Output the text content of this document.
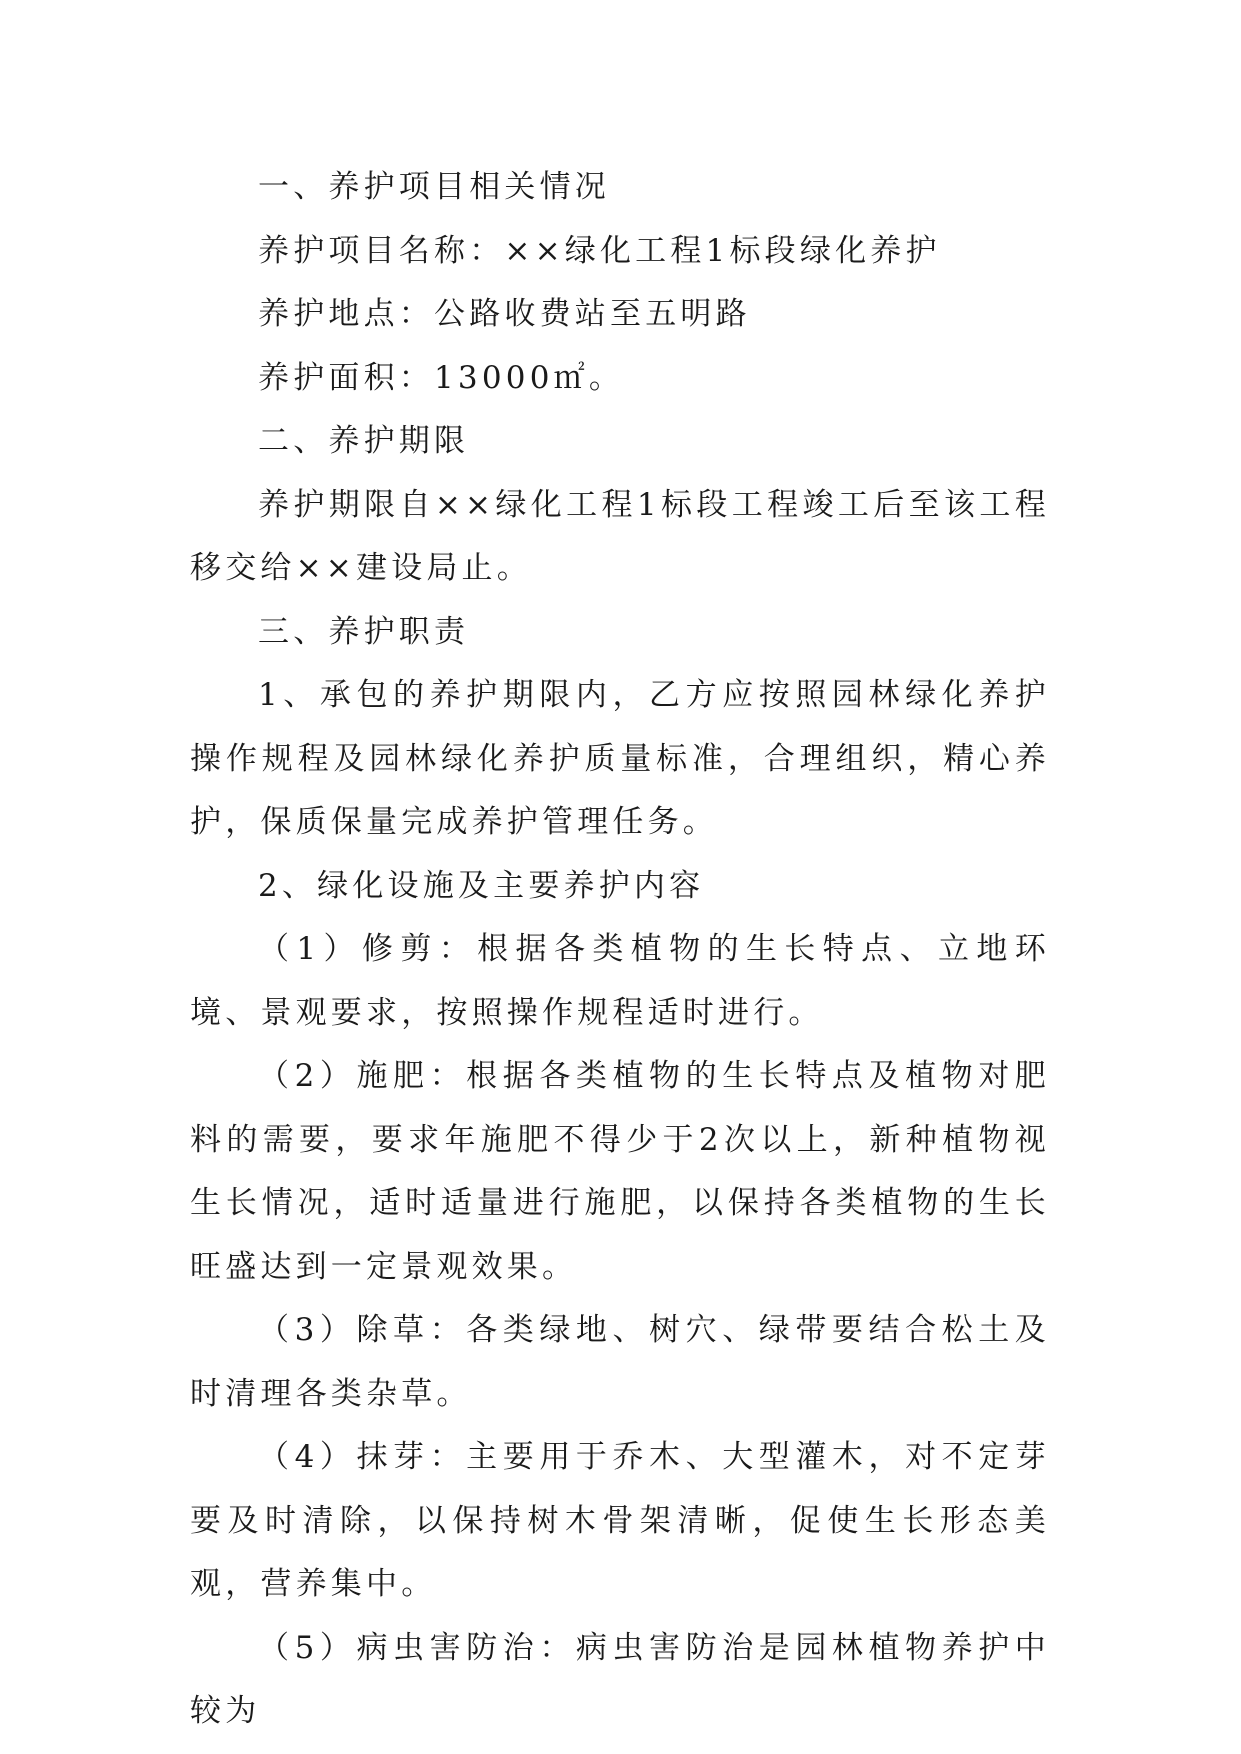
一、养护项目相关情况

养护项目名称：××绿化工程1标段绿化养护

养护地点：公路收费站至五明路

养护面积：13000㎡。

二、养护期限

养护期限自××绿化工程1标段工程竣工后至该工程移交给××建设局止。

三、养护职责

1、承包的养护期限内，乙方应按照园林绿化养护操作规程及园林绿化养护质量标准，合理组织，精心养护，保质保量完成养护管理任务。

2、绿化设施及主要养护内容

（1）修剪：根据各类植物的生长特点、立地环境、景观要求，按照操作规程适时进行。

（2）施肥：根据各类植物的生长特点及植物对肥料的需要，要求年施肥不得少于2次以上，新种植物视生长情况，适时适量进行施肥，以保持各类植物的生长旺盛达到一定景观效果。

（3）除草：各类绿地、树穴、绿带要结合松土及时清理各类杂草。

（4）抹芽：主要用于乔木、大型灌木，对不定芽要及时清除，以保持树木骨架清晰，促使生长形态美观，营养集中。

（5）病虫害防治：病虫害防治是园林植物养护中较为
